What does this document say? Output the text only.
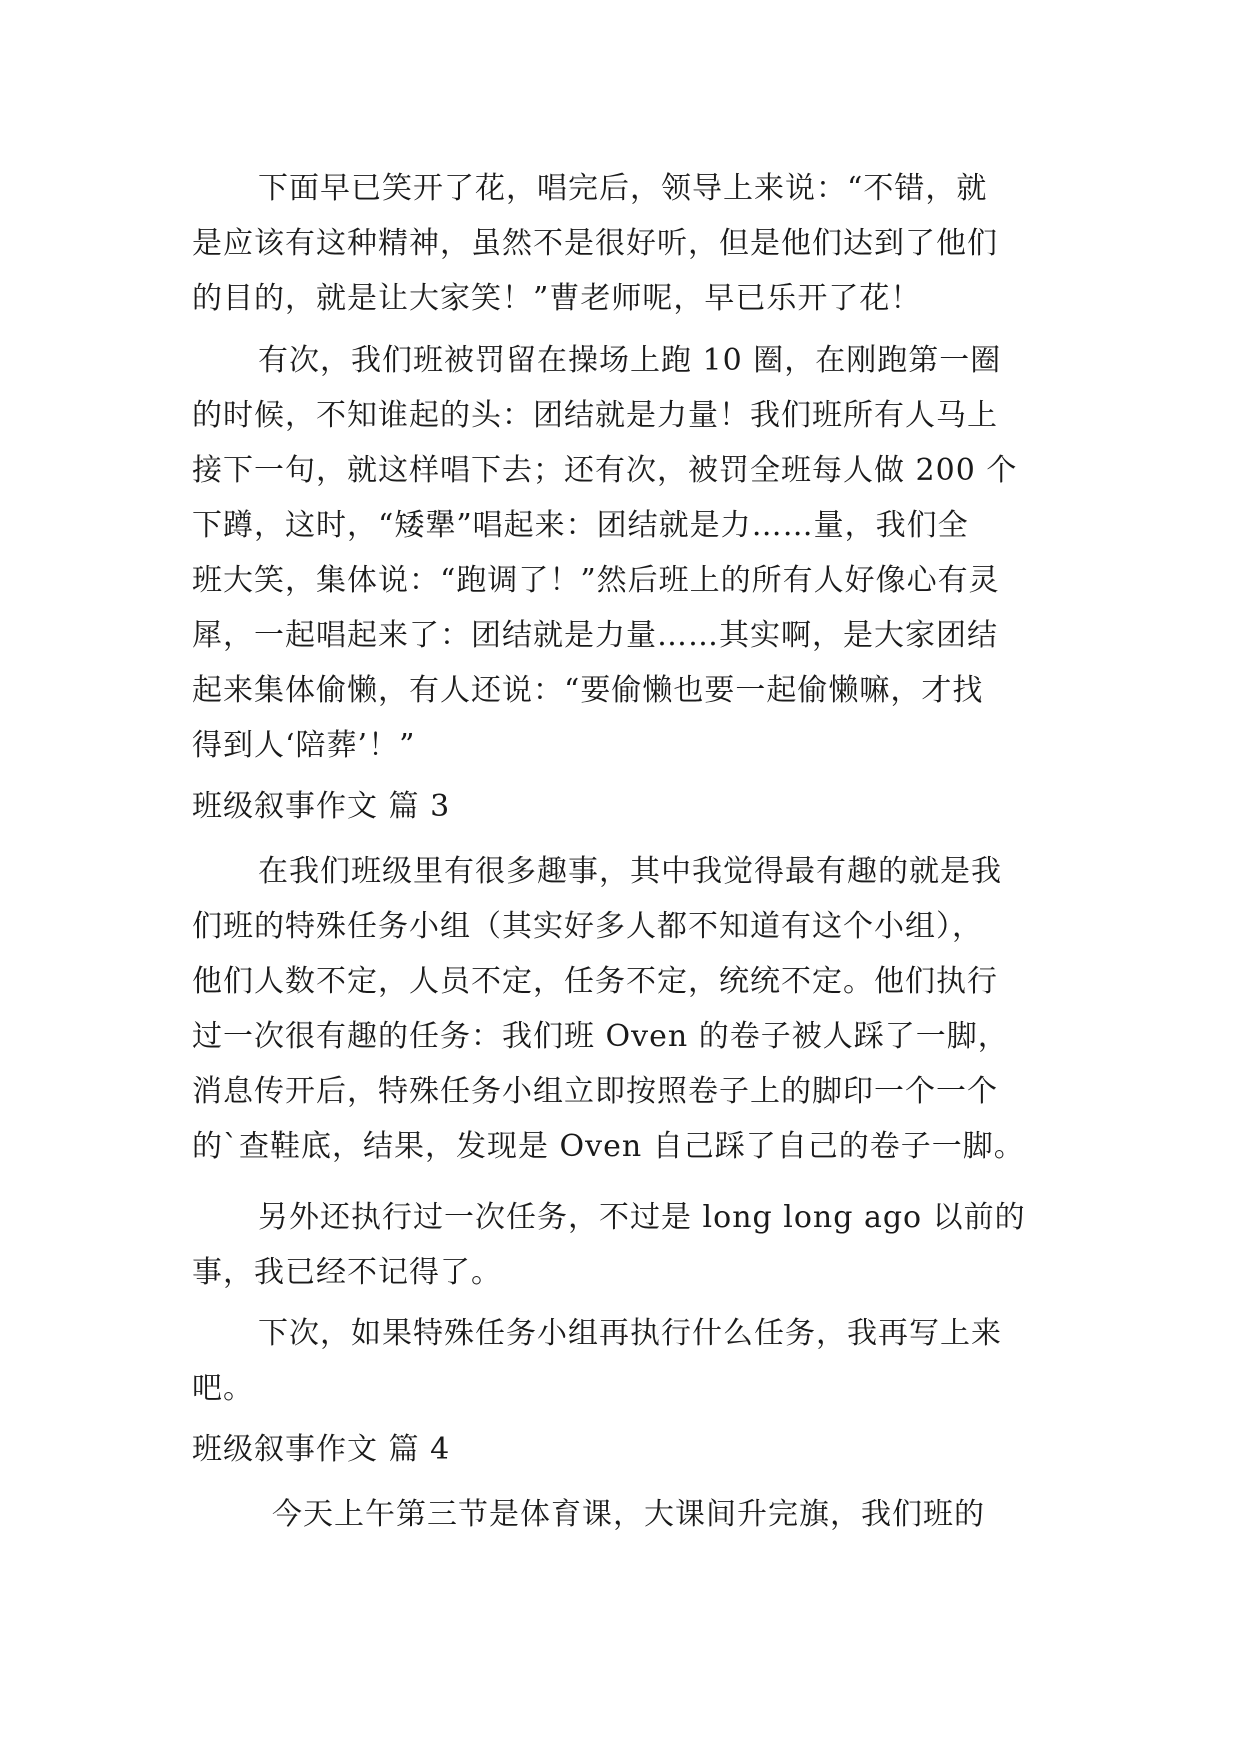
下面早已笑开了花，唱完后，领导上来说：“不错，就
是应该有这种精神，虽然不是很好听，但是他们达到了他们
的目的，就是让大家笑！”曹老师呢，早已乐开了花！
有次，我们班被罚留在操场上跑 10 圈，在刚跑第一圈
的时候，不知谁起的头：团结就是力量！我们班所有人马上
接下一句，就这样唱下去；还有次，被罚全班每人做 200 个
下蹲，这时，“矮犟”唱起来：团结就是力……量，我们全
班大笑，集体说：“跑调了！”然后班上的所有人好像心有灵
犀，一起唱起来了：团结就是力量……其实啊，是大家团结
起来集体偷懒，有人还说：“要偷懒也要一起偷懒嘛，才找
得到人‘陪葬’！”
班级叙事作文 篇 3
在我们班级里有很多趣事，其中我觉得最有趣的就是我
们班的特殊任务小组（其实好多人都不知道有这个小组），
他们人数不定，人员不定，任务不定，统统不定。他们执行
过一次很有趣的任务：我们班 Oven 的卷子被人踩了一脚，
消息传开后，特殊任务小组立即按照卷子上的脚印一个一个
的`查鞋底，结果，发现是 Oven 自己踩了自己的卷子一脚。
另外还执行过一次任务，不过是 long long ago 以前的
事，我已经不记得了。
下次，如果特殊任务小组再执行什么任务，我再写上来
吧。
班级叙事作文 篇 4
今天上午第三节是体育课，大课间升完旗，我们班的
